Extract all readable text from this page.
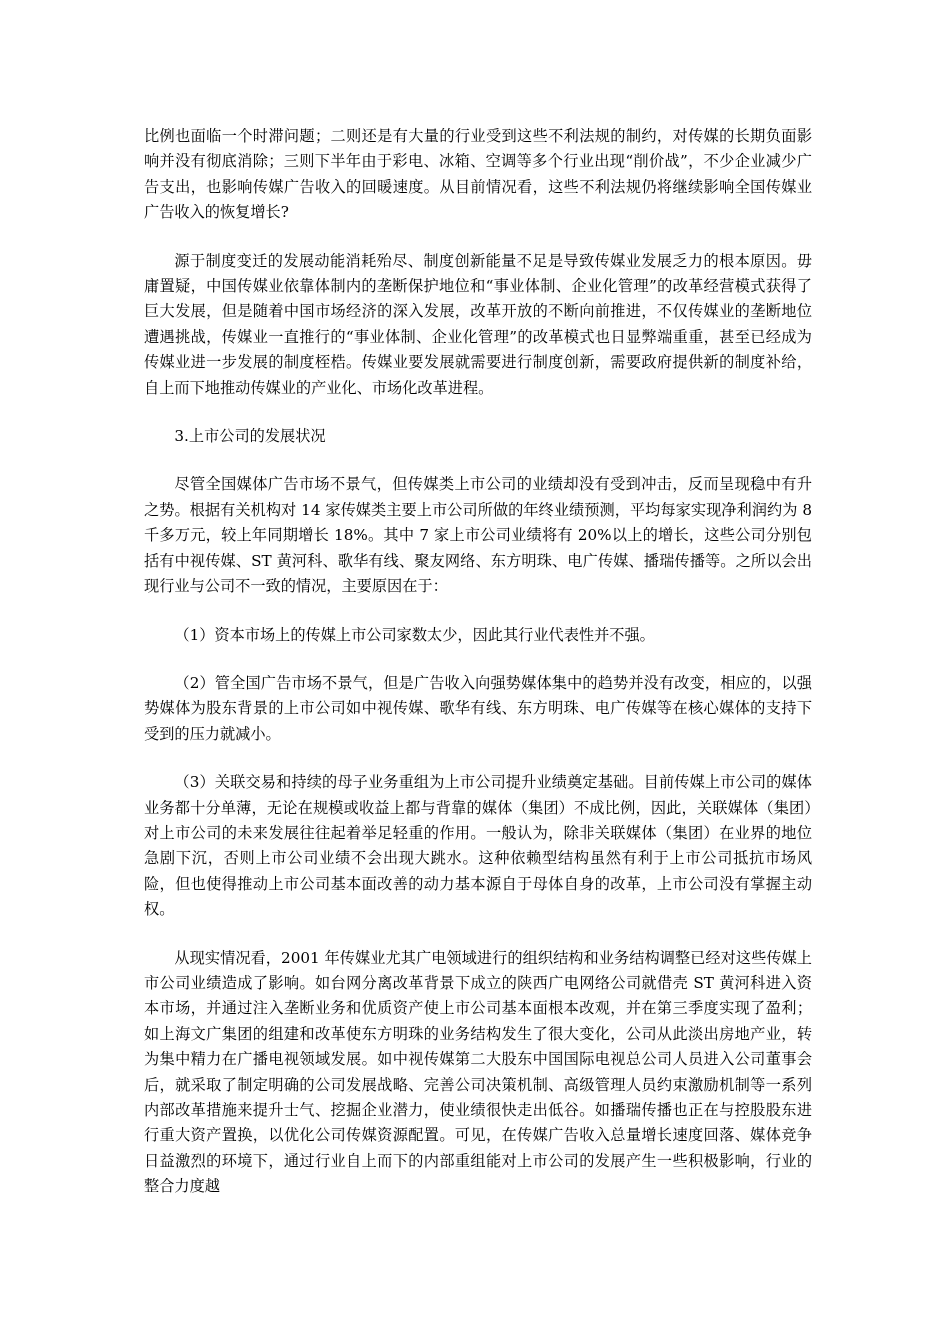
比例也面临一个时滞问题；二则还是有大量的行业受到这些不利法规的制约，对传媒的长期负面影响并没有彻底消除；三则下半年由于彩电、冰箱、空调等多个行业出现“削价战”，不少企业减少广告支出，也影响传媒广告收入的回暖速度。从目前情况看，这些不利法规仍将继续影响全国传媒业广告收入的恢复增长?

源于制度变迁的发展动能消耗殆尽、制度创新能量不足是导致传媒业发展乏力的根本原因。毋庸置疑，中国传媒业依靠体制内的垄断保护地位和“事业体制、企业化管理”的改革经营模式获得了巨大发展，但是随着中国市场经济的深入发展，改革开放的不断向前推进，不仅传媒业的垄断地位遭遇挑战，传媒业一直推行的“事业体制、企业化管理”的改革模式也日显弊端重重，甚至已经成为传媒业进一步发展的制度桎梏。传媒业要发展就需要进行制度创新，需要政府提供新的制度补给，自上而下地推动传媒业的产业化、市场化改革进程。

3.上市公司的发展状况

尽管全国媒体广告市场不景气，但传媒类上市公司的业绩却没有受到冲击，反而呈现稳中有升之势。根据有关机构对 14 家传媒类主要上市公司所做的年终业绩预测，平均每家实现净利润约为 8 千多万元，较上年同期增长 18%。其中 7 家上市公司业绩将有 20%以上的增长，这些公司分别包括有中视传媒、ST 黄河科、歌华有线、聚友网络、东方明珠、电广传媒、播瑞传播等。之所以会出现行业与公司不一致的情况，主要原因在于：

（1）资本市场上的传媒上市公司家数太少，因此其行业代表性并不强。

（2）管全国广告市场不景气，但是广告收入向强势媒体集中的趋势并没有改变，相应的，以强势媒体为股东背景的上市公司如中视传媒、歌华有线、东方明珠、电广传媒等在核心媒体的支持下受到的压力就减小。

（3）关联交易和持续的母子业务重组为上市公司提升业绩奠定基础。目前传媒上市公司的媒体业务都十分单薄，无论在规模或收益上都与背靠的媒体（集团）不成比例，因此，关联媒体（集团）对上市公司的未来发展往往起着举足轻重的作用。一般认为，除非关联媒体（集团）在业界的地位急剧下沉，否则上市公司业绩不会出现大跳水。这种依赖型结构虽然有利于上市公司抵抗市场风险，但也使得推动上市公司基本面改善的动力基本源自于母体自身的改革，上市公司没有掌握主动权。

从现实情况看，2001 年传媒业尤其广电领域进行的组织结构和业务结构调整已经对这些传媒上市公司业绩造成了影响。如台网分离改革背景下成立的陕西广电网络公司就借壳 ST 黄河科进入资本市场，并通过注入垄断业务和优质资产使上市公司基本面根本改观，并在第三季度实现了盈利；如上海文广集团的组建和改革使东方明珠的业务结构发生了很大变化，公司从此淡出房地产业，转为集中精力在广播电视领域发展。如中视传媒第二大股东中国国际电视总公司人员进入公司董事会后，就采取了制定明确的公司发展战略、完善公司决策机制、高级管理人员约束激励机制等一系列内部改革措施来提升士气、挖掘企业潜力，使业绩很快走出低谷。如播瑞传播也正在与控股股东进行重大资产置换，以优化公司传媒资源配置。可见，在传媒广告收入总量增长速度回落、媒体竞争日益激烈的环境下，通过行业自上而下的内部重组能对上市公司的发展产生一些积极影响，行业的整合力度越
